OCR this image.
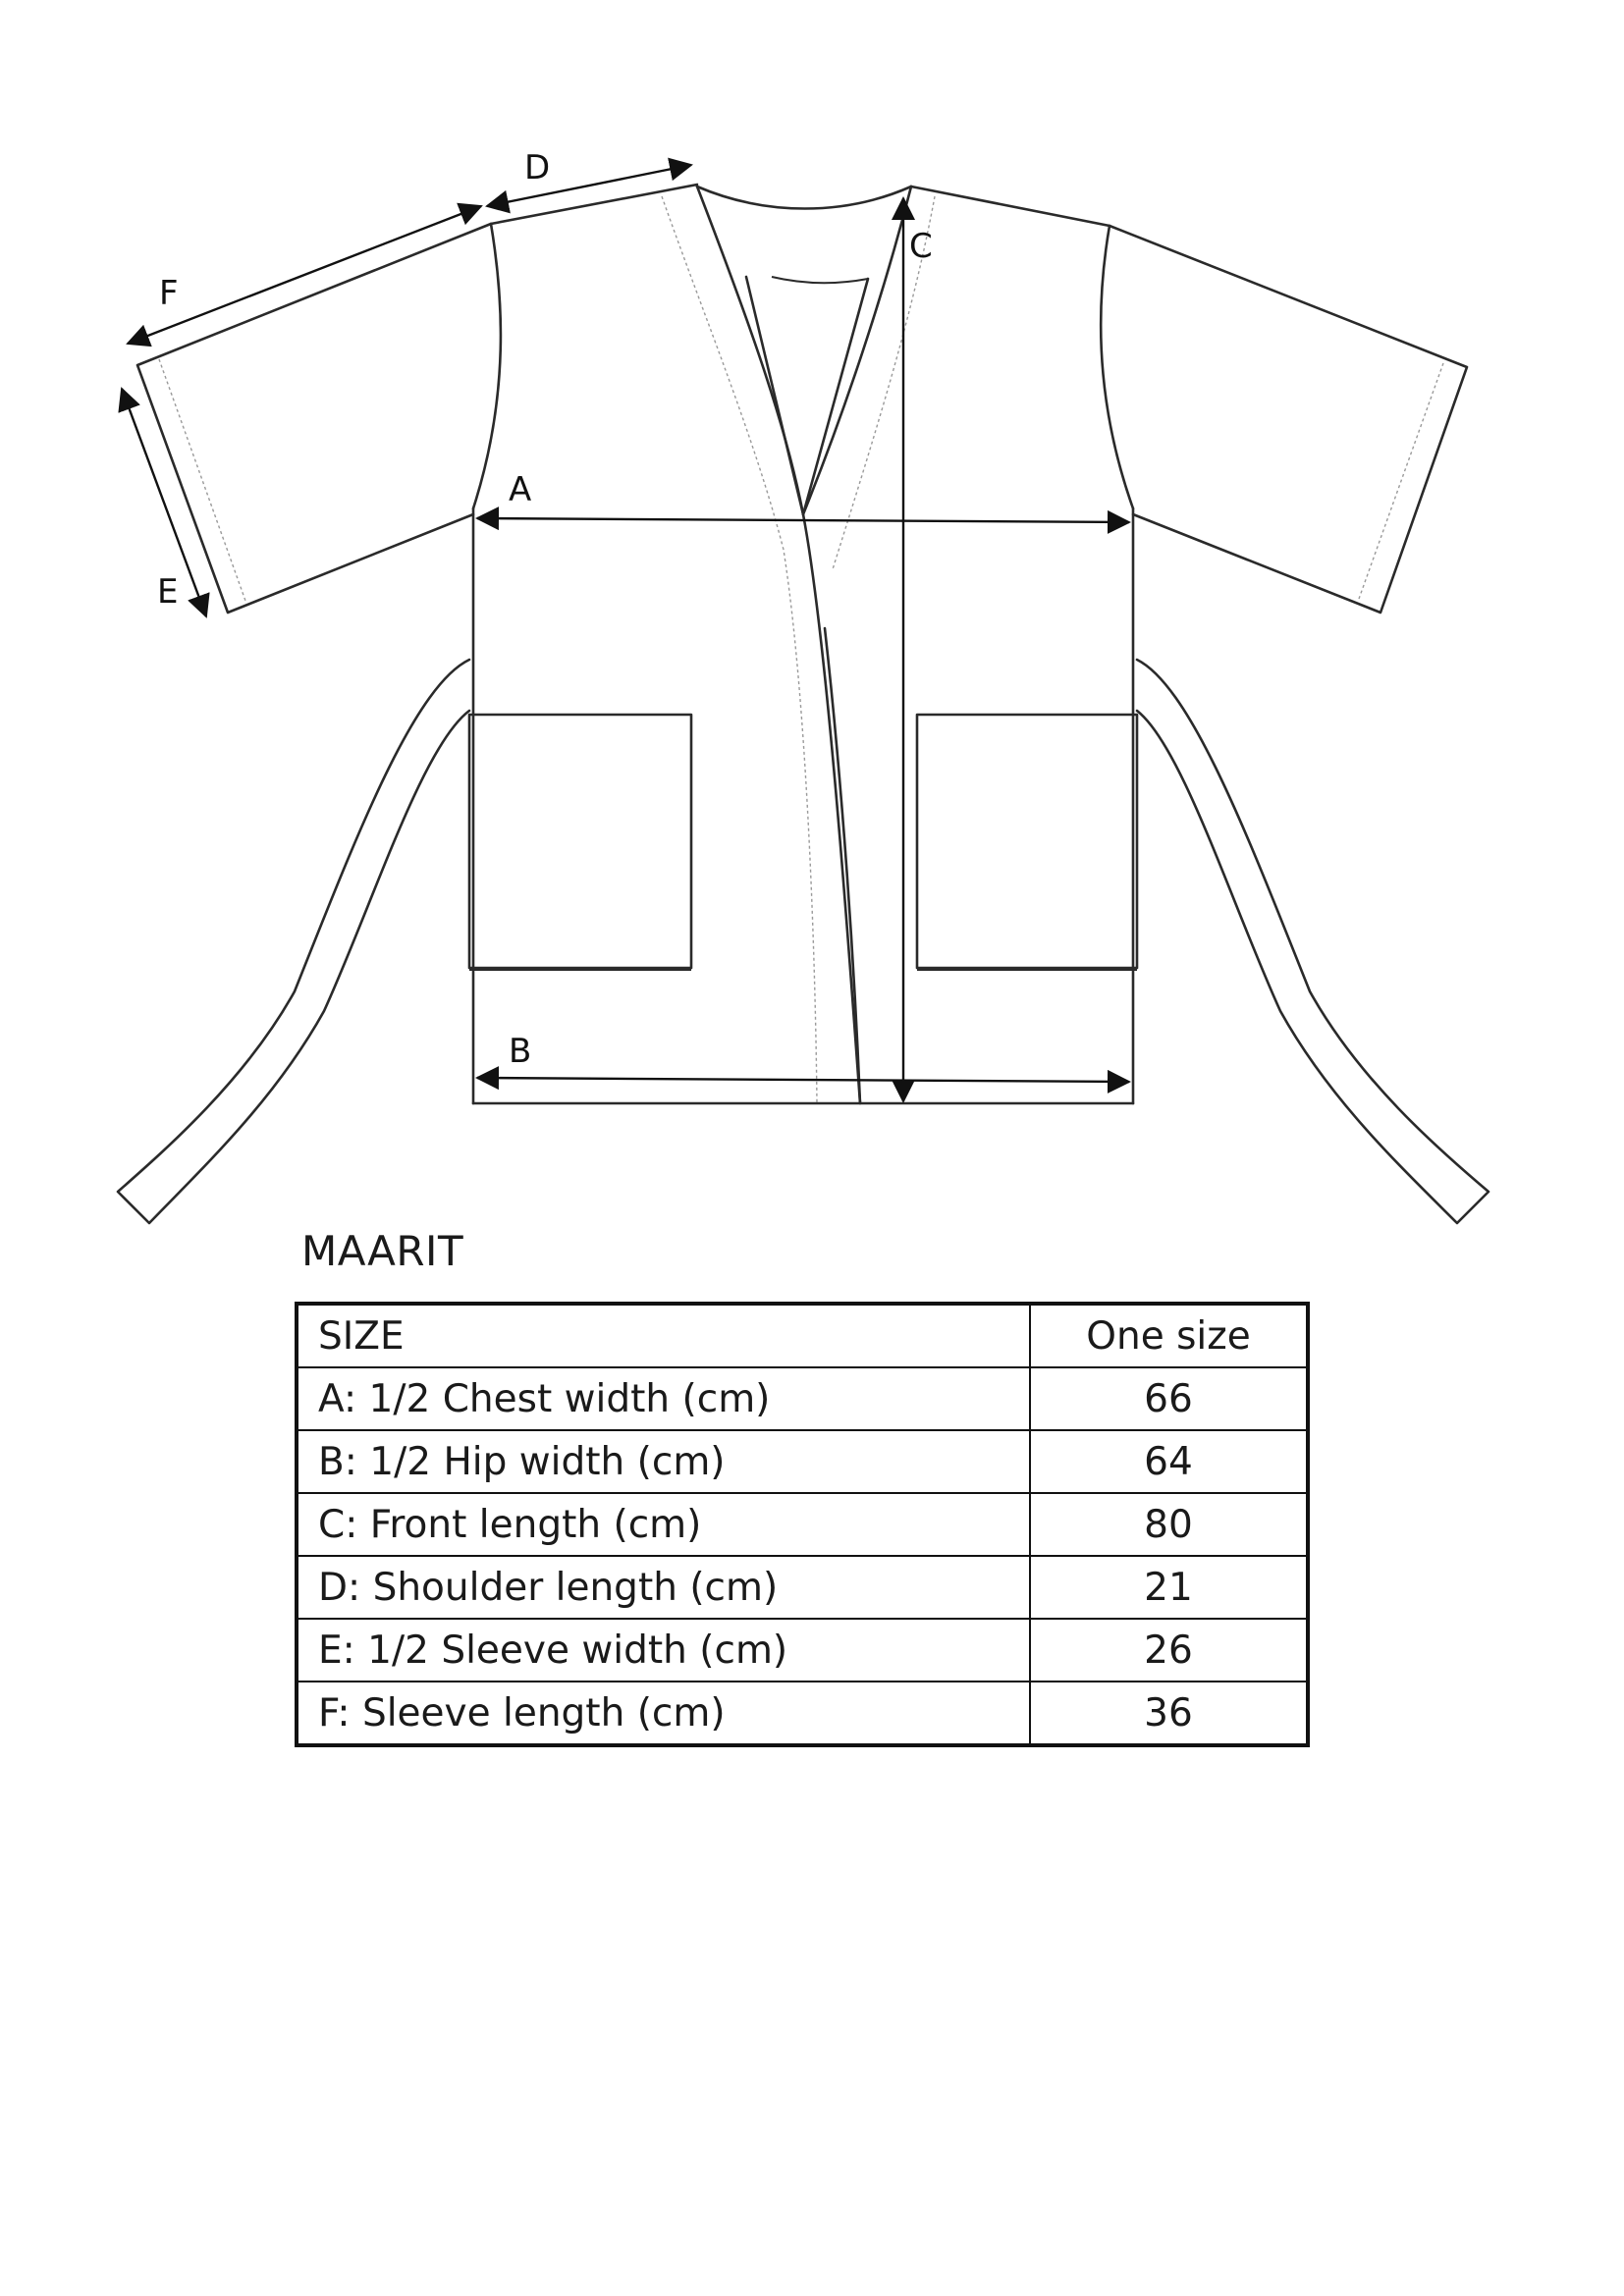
A
B
C
D
E
F
MAARIT
SIZE	One size
A: 1/2 Chest width (cm)	66
B: 1/2 Hip width (cm)	64
C: Front length (cm)	80
D: Shoulder length (cm)	21
E: 1/2 Sleeve width (cm)	26
F: Sleeve length (cm)	36
